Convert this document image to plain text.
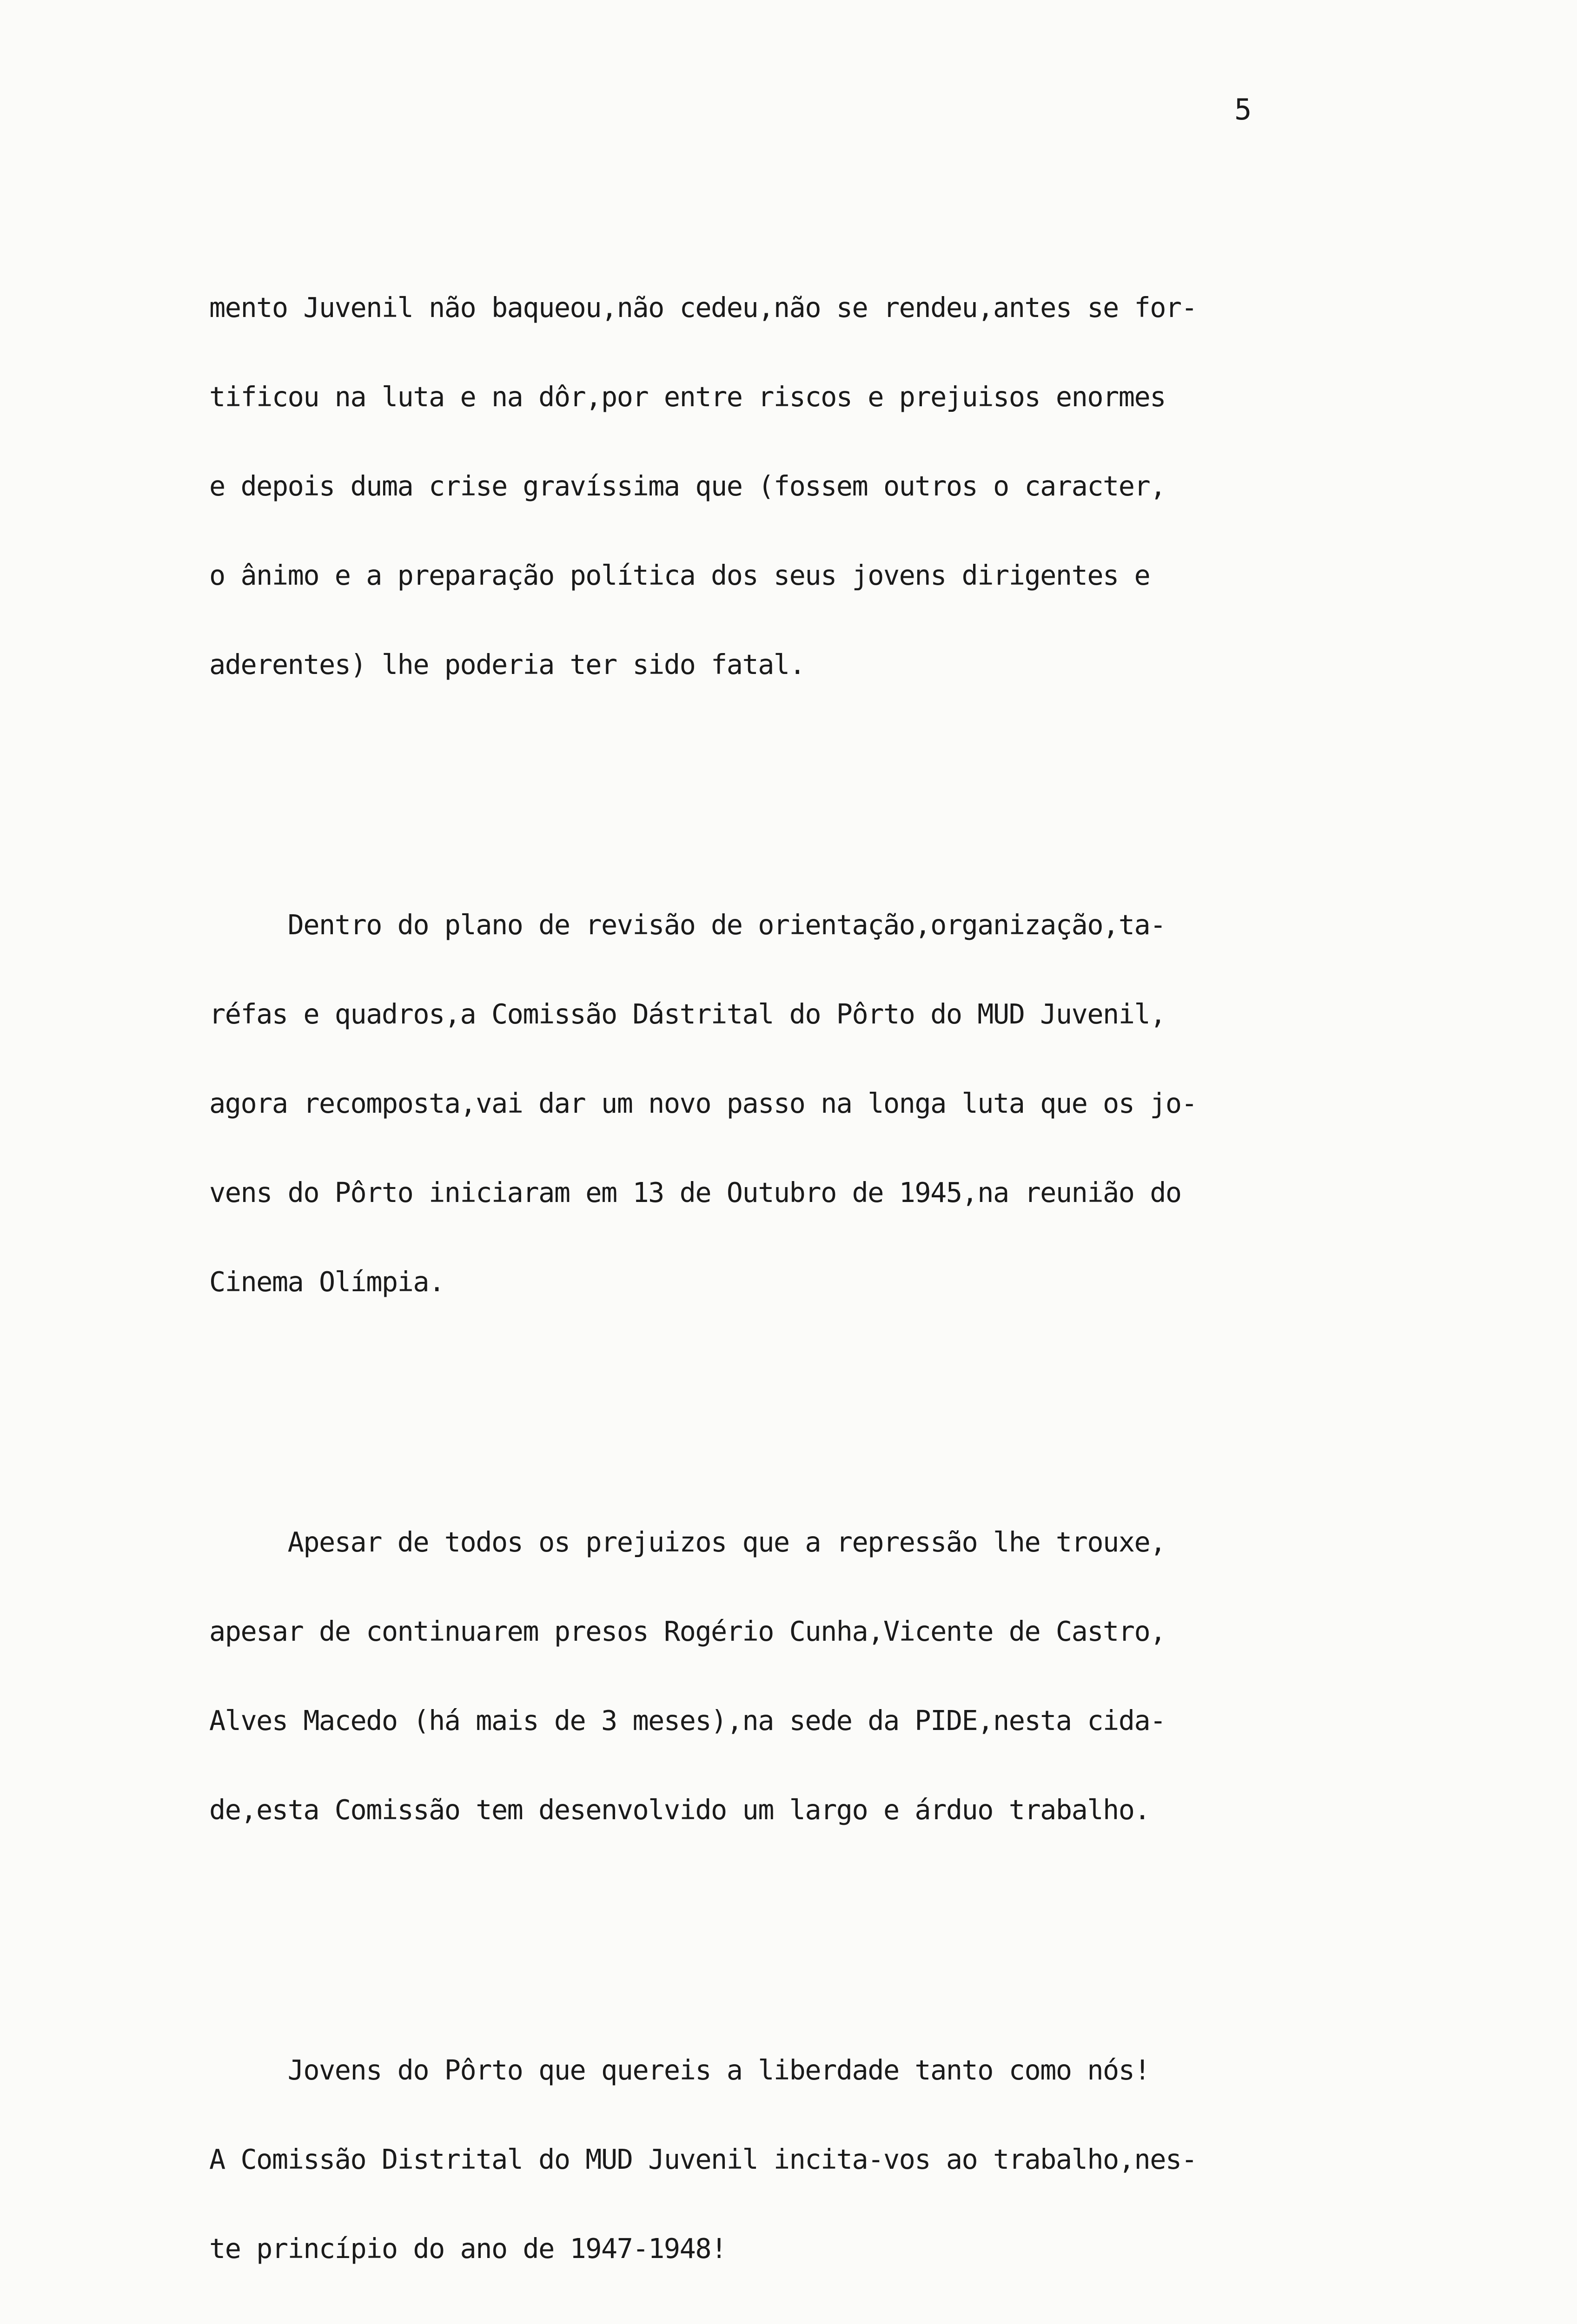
5

mento Juvenil não baqueou,não cedeu,não se rendeu,antes se for-

tificou na luta e na dôr,por entre riscos e prejuisos enormes

e depois duma crise gravíssima que (fossem outros o caracter,

o ânimo e a preparação política dos seus jovens dirigentes e

aderentes) lhe poderia ter sido fatal.

Dentro do plano de revisão de orientação,organização,ta-

réfas e quadros,a Comissão Dástrital do Pôrto do MUD Juvenil,

agora recomposta,vai dar um novo passo na longa luta que os jo-

vens do Pôrto iniciaram em 13 de Outubro de 1945,na reunião do

Cinema Olímpia.

Apesar de todos os prejuizos que a repressão lhe trouxe,

apesar de continuarem presos Rogério Cunha,Vicente de Castro,

Alves Macedo (há mais de 3 meses),na sede da PIDE,nesta cida-

de,esta Comissão tem desenvolvido um largo e árduo trabalho.

Jovens do Pôrto que quereis a liberdade tanto como nós!

A Comissão Distrital do MUD Juvenil incita-vos ao trabalho,nes-

te princípio do ano de 1947-1948!
